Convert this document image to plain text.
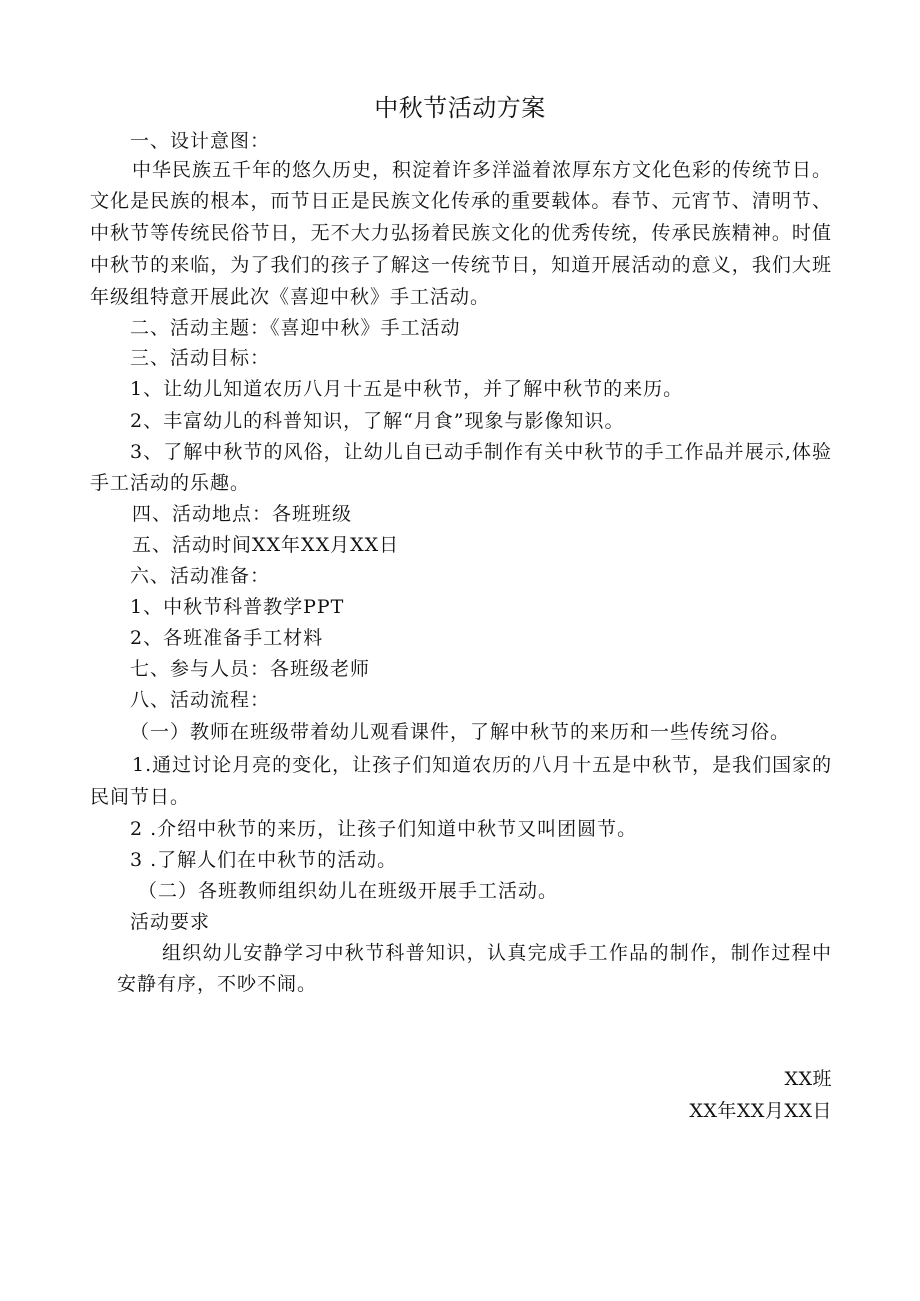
中秋节活动方案
一、设计意图：
中华民族五千年的悠久历史，积淀着许多洋溢着浓厚东方文化色彩的传统节日。
文化是民族的根本，而节日正是民族文化传承的重要载体。春节、元宵节、清明节、
中秋节等传统民俗节日，无不大力弘扬着民族文化的优秀传统，传承民族精神。时值
中秋节的来临，为了我们的孩子了解这一传统节日，知道开展活动的意义，我们大班
年级组特意开展此次《喜迎中秋》手工活动。
二、活动主题：《喜迎中秋》手工活动
三、活动目标：
1、让幼儿知道农历八月十五是中秋节，并了解中秋节的来历。
2、丰富幼儿的科普知识，了解“月食”现象与影像知识。
3、了解中秋节的风俗，让幼儿自已动手制作有关中秋节的手工作品并展示,体验
手工活动的乐趣。
四、活动地点：各班班级
五、活动时间XX年XX月XX日
六、活动准备：
1、中秋节科普教学PPT
2、各班准备手工材料
七、参与人员：各班级老师
八、活动流程：
（一）教师在班级带着幼儿观看课件，了解中秋节的来历和一些传统习俗。
1.通过讨论月亮的变化，让孩子们知道农历的八月十五是中秋节，是我们国家的
民间节日。
2 .介绍中秋节的来历，让孩子们知道中秋节又叫团圆节。
3 .了解人们在中秋节的活动。
（二）各班教师组织幼儿在班级开展手工活动。
活动要求
组织幼儿安静学习中秋节科普知识，认真完成手工作品的制作，制作过程中
安静有序，不吵不闹。
XX班
XX年XX月XX日
